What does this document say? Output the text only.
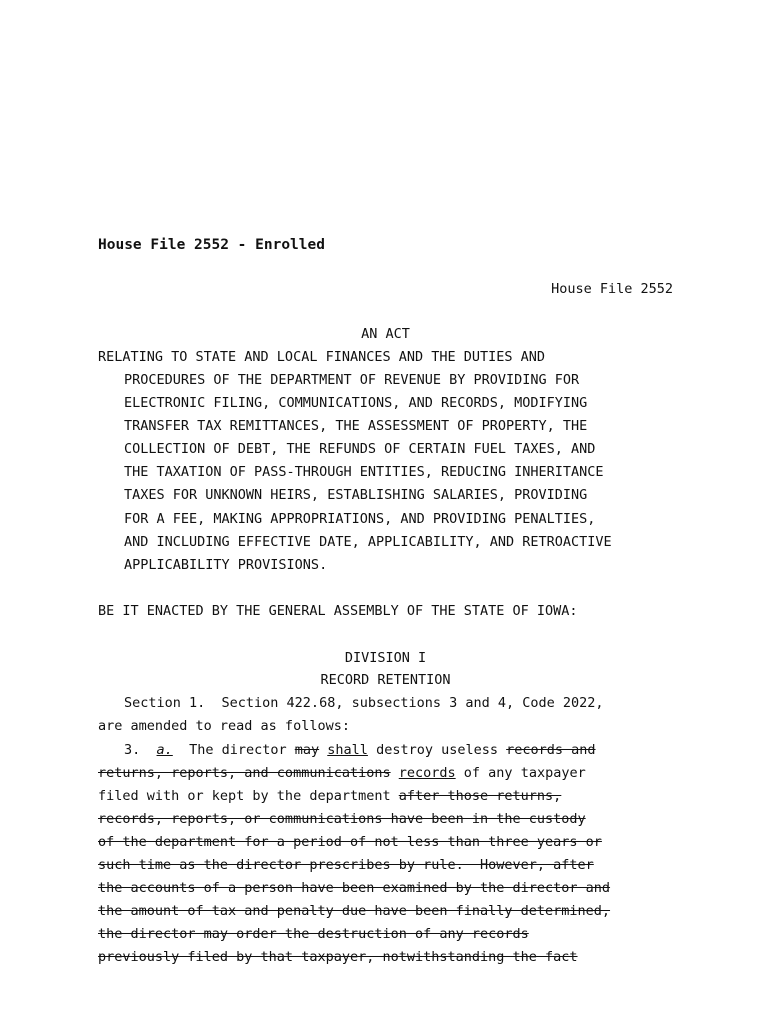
House File 2552 - Enrolled
House File 2552
AN ACT
RELATING TO STATE AND LOCAL FINANCES AND THE DUTIES AND
PROCEDURES OF THE DEPARTMENT OF REVENUE BY PROVIDING FOR
ELECTRONIC FILING, COMMUNICATIONS, AND RECORDS, MODIFYING
TRANSFER TAX REMITTANCES, THE ASSESSMENT OF PROPERTY, THE
COLLECTION OF DEBT, THE REFUNDS OF CERTAIN FUEL TAXES, AND
THE TAXATION OF PASS-THROUGH ENTITIES, REDUCING INHERITANCE
TAXES FOR UNKNOWN HEIRS, ESTABLISHING SALARIES, PROVIDING
FOR A FEE, MAKING APPROPRIATIONS, AND PROVIDING PENALTIES,
AND INCLUDING EFFECTIVE DATE, APPLICABILITY, AND RETROACTIVE
APPLICABILITY PROVISIONS.
BE IT ENACTED BY THE GENERAL ASSEMBLY OF THE STATE OF IOWA:
DIVISION I
RECORD RETENTION
Section 1.  Section 422.68, subsections 3 and 4, Code 2022,
are amended to read as follows:
3. a. The director may shall destroy useless records and
returns, reports, and communications records of any taxpayer
filed with or kept by the department after those returns,
records, reports, or communications have been in the custody
of the department for a period of not less than three years or
such time as the director prescribes by rule.  However, after
the accounts of a person have been examined by the director and
the amount of tax and penalty due have been finally determined,
the director may order the destruction of any records
previously filed by that taxpayer, notwithstanding the fact
